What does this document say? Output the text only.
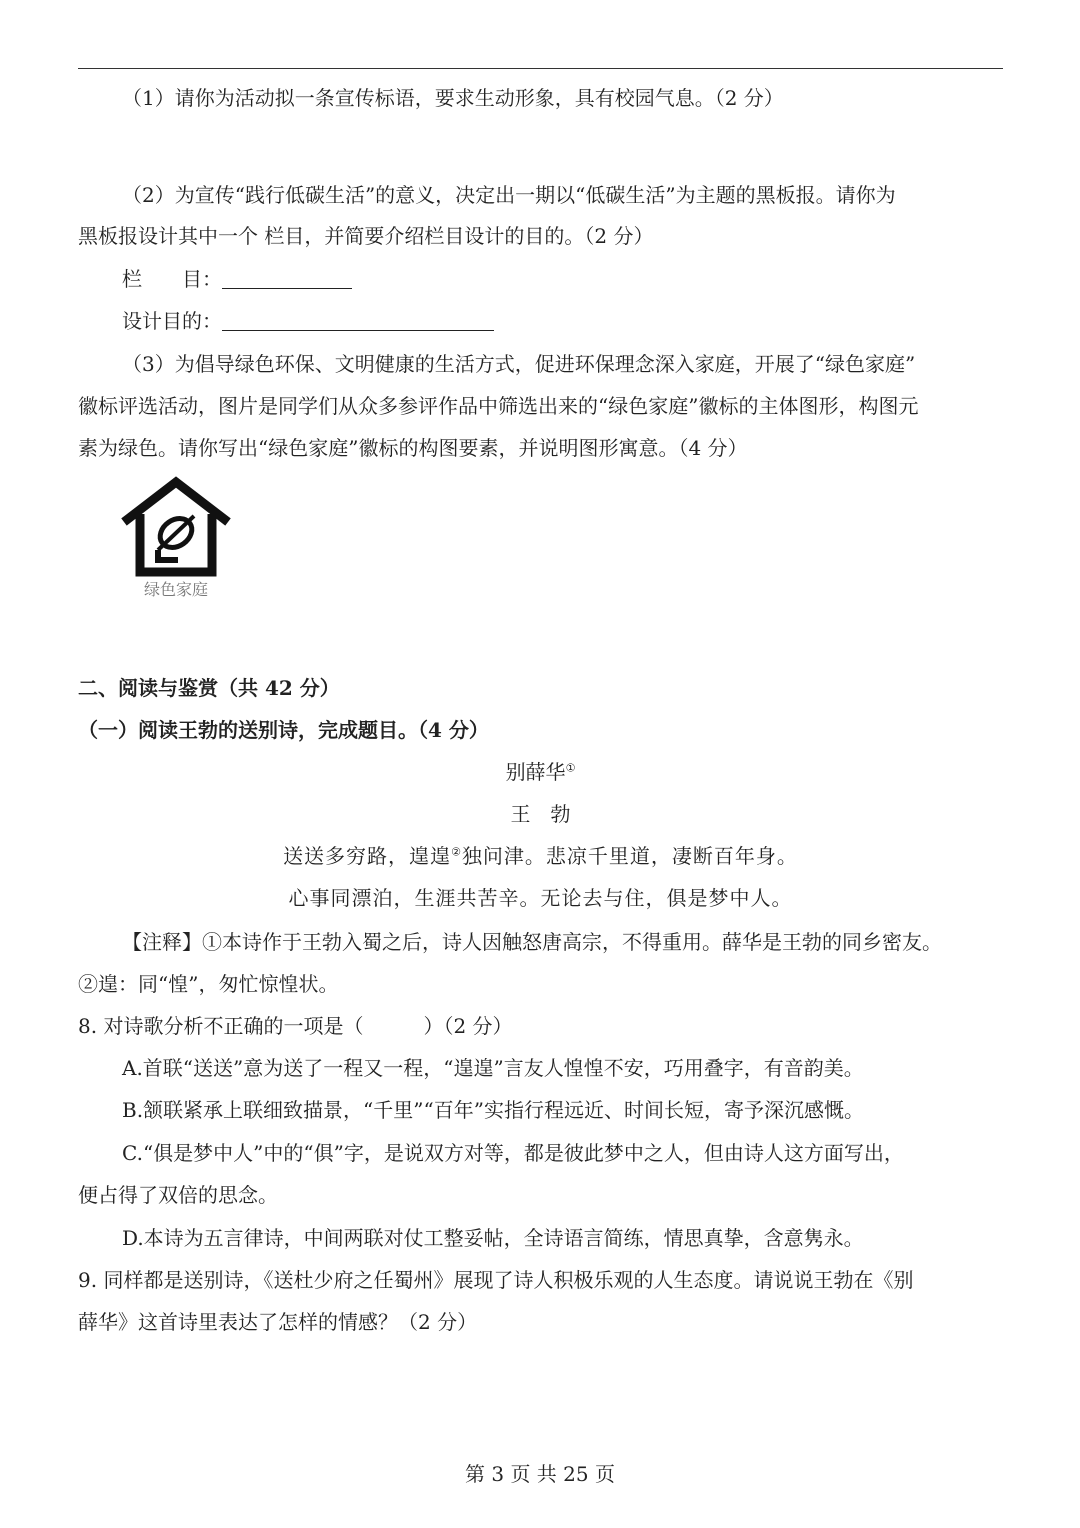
（1）请你为活动拟一条宣传标语，要求生动形象，具有校园气息。（2 分）
（2）为宣传“践行低碳生活”的意义，决定出一期以“低碳生活”为主题的黑板报。请你为
黑板报设计其中一个 栏目，并简要介绍栏目设计的目的。（2 分）
栏　　目：
设计目的：
（3）为倡导绿色环保、文明健康的生活方式，促进环保理念深入家庭，开展了“绿色家庭”
徽标评选活动，图片是同学们从众多参评作品中筛选出来的“绿色家庭”徽标的主体图形，构图元
素为绿色。请你写出“绿色家庭”徽标的构图要素，并说明图形寓意。（4 分）
绿色家庭
二、阅读与鉴赏（共 42 分）
（一）阅读王勃的送别诗，完成题目。（4 分）
别薛华①
王　勃
送送多穷路，遑遑②独问津。悲凉千里道，凄断百年身。
心事同漂泊，生涯共苦辛。无论去与住，俱是梦中人。
【注释】①本诗作于王勃入蜀之后，诗人因触怒唐高宗，不得重用。薛华是王勃的同乡密友。
②遑：同“惶”，匆忙惊惶状。
8. 对诗歌分析不正确的一项是（　　　）（2 分）
A.首联“送送”意为送了一程又一程，“遑遑”言友人惶惶不安，巧用叠字，有音韵美。
B.颔联紧承上联细致描景，“千里”“百年”实指行程远近、时间长短，寄予深沉感慨。
C.“俱是梦中人”中的“俱”字，是说双方对等，都是彼此梦中之人，但由诗人这方面写出，
便占得了双倍的思念。
D.本诗为五言律诗，中间两联对仗工整妥帖，全诗语言简练，情思真挚，含意隽永。
9. 同样都是送别诗，《送杜少府之任蜀州》展现了诗人积极乐观的人生态度。请说说王勃在《别
薛华》这首诗里表达了怎样的情感？（2 分）
第 3 页 共 25 页
